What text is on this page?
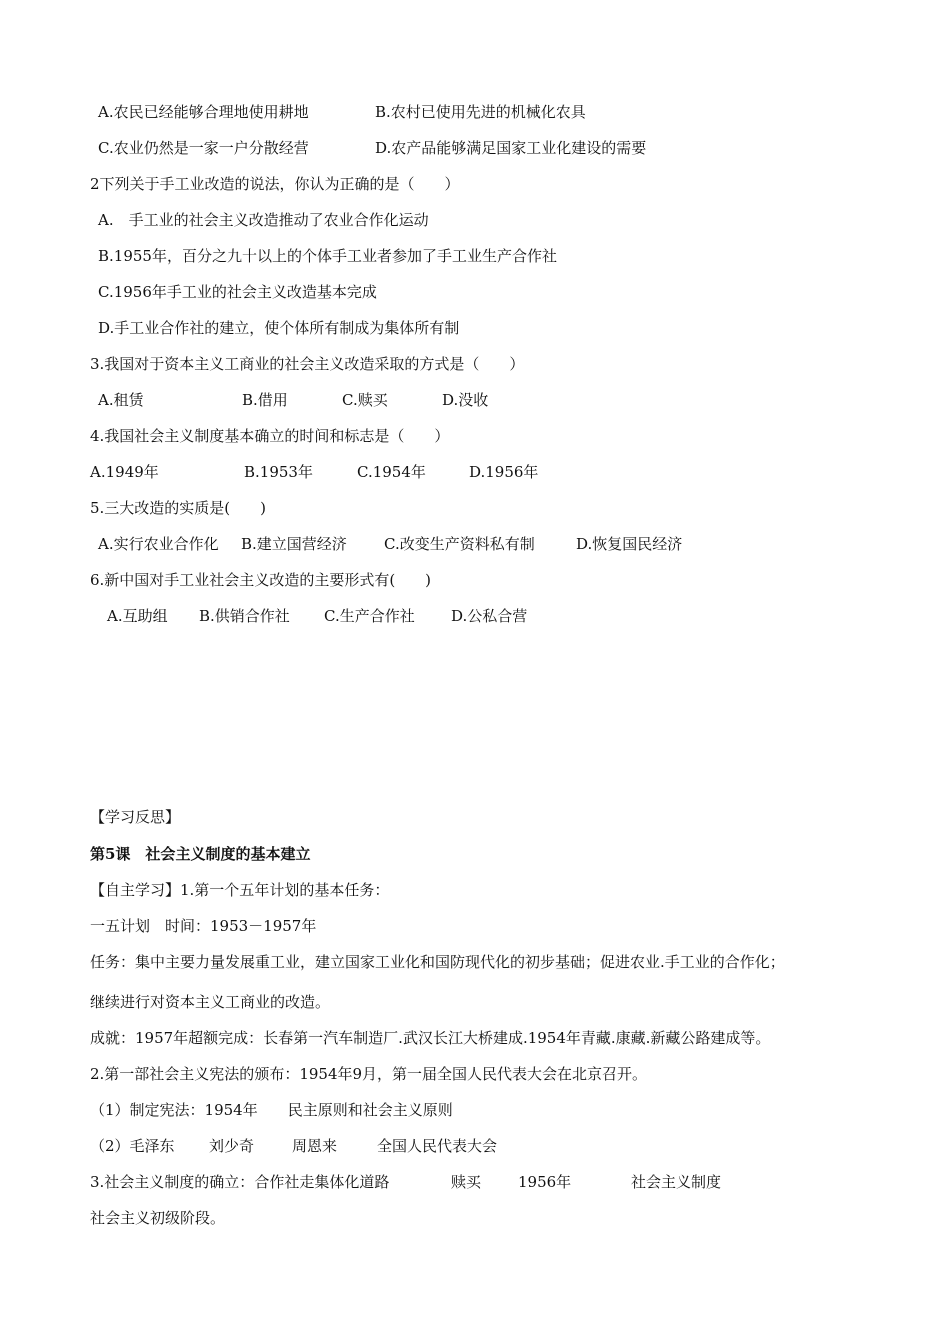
A.农民已经能够合理地使用耕地	B.农村已使用先进的机械化农具
C.农业仍然是一家一户分散经营	D.农产品能够满足国家工业化建设的需要
2下列关于手工业改造的说法，你认为正确的是（　　）
A.　手工业的社会主义改造推动了农业合作化运动
B.1955年，百分之九十以上的个体手工业者参加了手工业生产合作社
C.1956年手工业的社会主义改造基本完成
D.手工业合作社的建立，使个体所有制成为集体所有制
3.我国对于资本主义工商业的社会主义改造采取的方式是（　　）
A.租赁	B.借用	C.赎买	D.没收
4.我国社会主义制度基本确立的时间和标志是（　　）
A.1949年	B.1953年	C.1954年	D.1956年
5.三大改造的实质是(　　)
A.实行农业合作化 B.建立国营经济 C.改变生产资料私有制	D.恢复国民经济
6.新中国对手工业社会主义改造的主要形式有(　　)
A.互助组 B.供销合作社 C.生产合作社 D.公私合营
【学习反思】
第5课　社会主义制度的基本建立
【自主学习】1.第一个五年计划的基本任务：
一五计划　时间：1953－1957年
任务：集中主要力量发展重工业，建立国家工业化和国防现代化的初步基础；促进农业.手工业的合作化；
继续进行对资本主义工商业的改造。
成就：1957年超额完成：长春第一汽车制造厂.武汉长江大桥建成.1954年青藏.康藏.新藏公路建成等。
2.第一部社会主义宪法的颁布：1954年9月，第一届全国人民代表大会在北京召开。
（1）制定宪法：1954年　　民主原则和社会主义原则
（2）毛泽东 刘少奇	周恩来	全国人民代表大会
3.社会主义制度的确立：合作社走集体化道路	赎买 1956年	社会主义制度
社会主义初级阶段。
